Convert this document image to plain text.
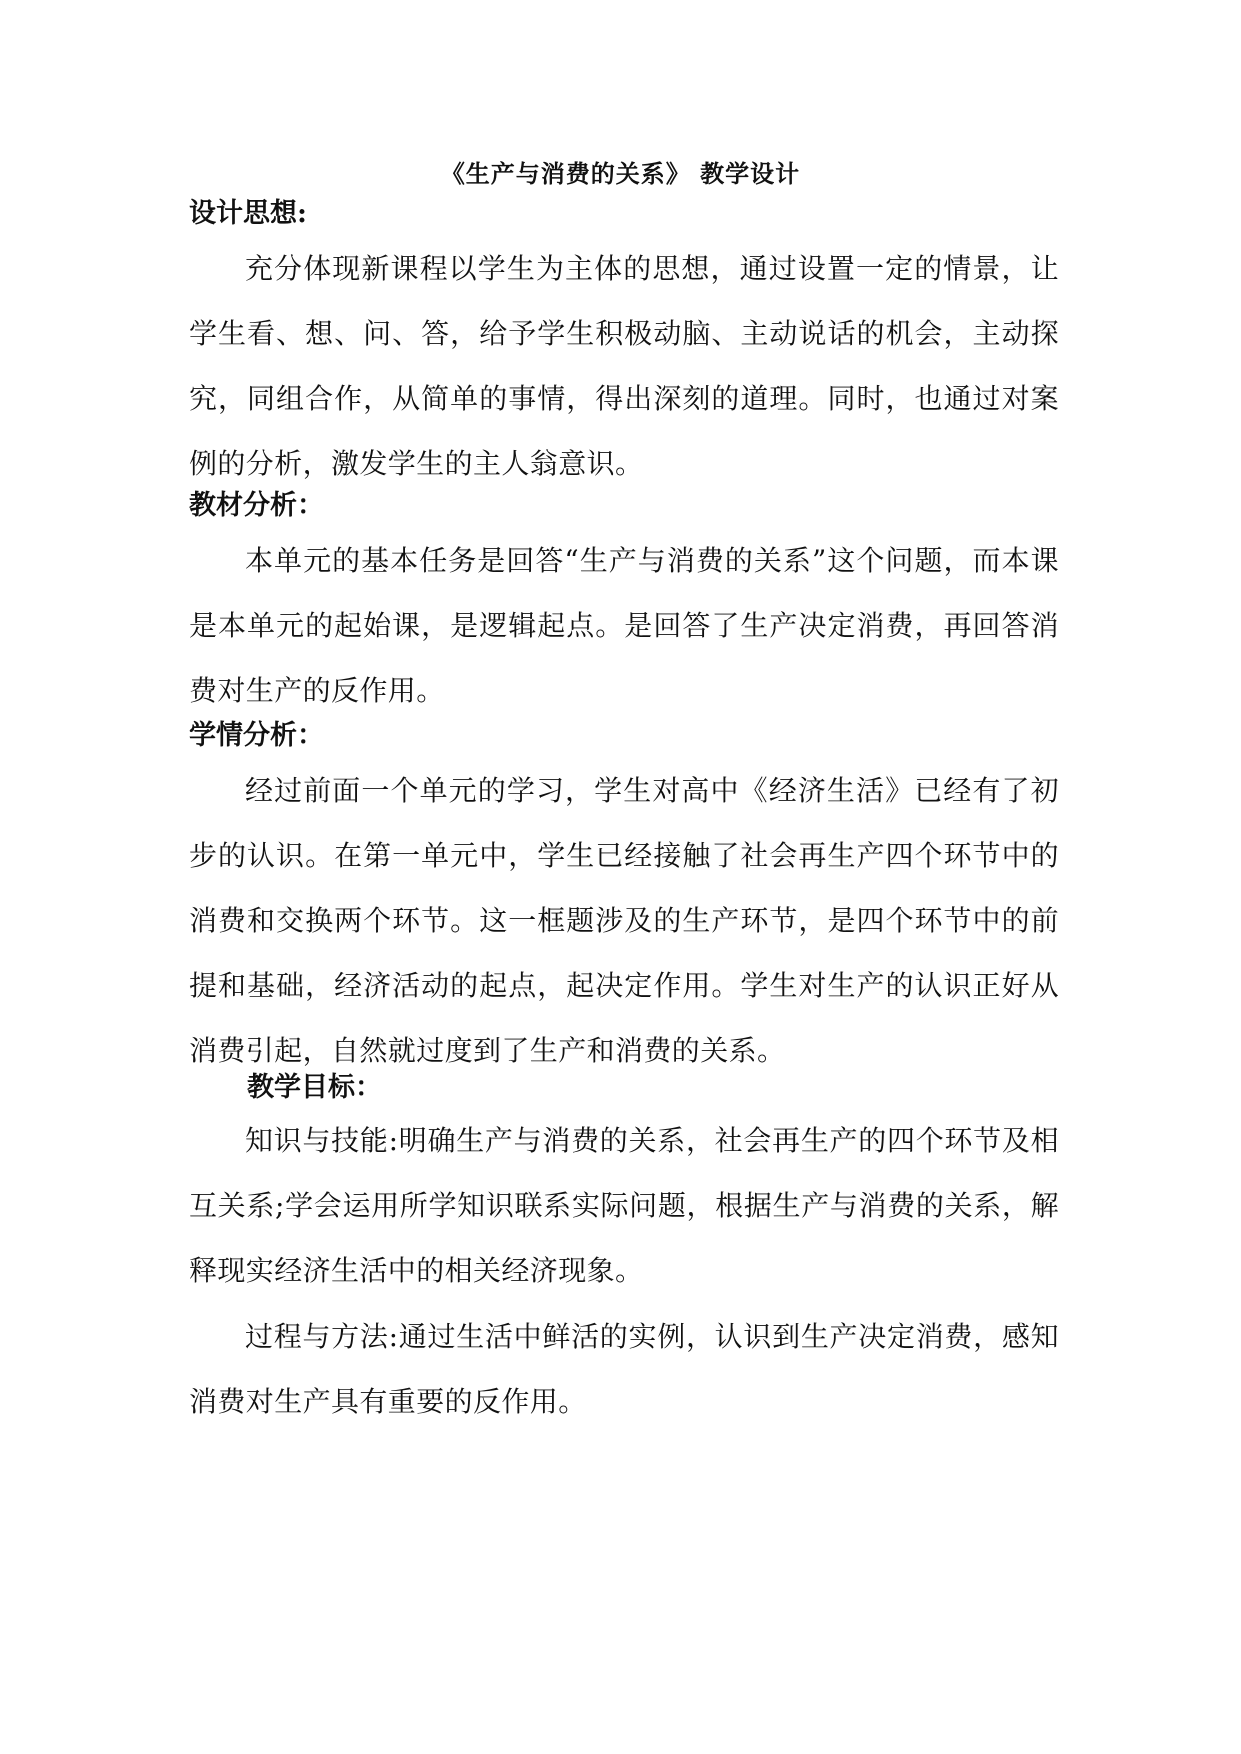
《生产与消费的关系》 教学设计
设计思想:
充分体现新课程以学生为主体的思想，通过设置一定的情景，让学生看、想、问、答，给予学生积极动脑、主动说话的机会，主动探究，同组合作，从简单的事情，得出深刻的道理。同时，也通过对案例的分析，激发学生的主人翁意识。
教材分析：
本单元的基本任务是回答“生产与消费的关系”这个问题，而本课是本单元的起始课，是逻辑起点。是回答了生产决定消费，再回答消费对生产的反作用。
学情分析：
经过前面一个单元的学习，学生对高中《经济生活》已经有了初步的认识。在第一单元中，学生已经接触了社会再生产四个环节中的消费和交换两个环节。这一框题涉及的生产环节，是四个环节中的前提和基础，经济活动的起点，起决定作用。学生对生产的认识正好从消费引起，自然就过度到了生产和消费的关系。
教学目标：
知识与技能:明确生产与消费的关系，社会再生产的四个环节及相互关系;学会运用所学知识联系实际问题，根据生产与消费的关系，解释现实经济生活中的相关经济现象。
过程与方法:通过生活中鲜活的实例，认识到生产决定消费，感知消费对生产具有重要的反作用。
